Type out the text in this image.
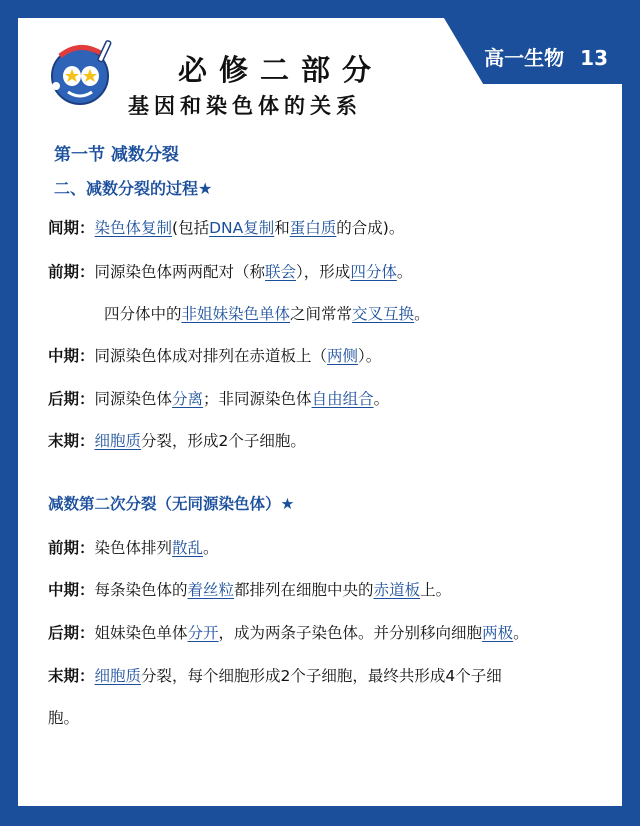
高一生物 13
必修二部分
基因和染色体的关系
第一节 减数分裂
二、减数分裂的过程★
间期：染色体复制(包括DNA复制和蛋白质的合成)。
前期：同源染色体两两配对（称联会），形成四分体。
四分体中的非姐妹染色单体之间常常交叉互换。
中期：同源染色体成对排列在赤道板上（两侧）。
后期：同源染色体分离；非同源染色体自由组合。
末期：细胞质分裂，形成2个子细胞。
减数第二次分裂（无同源染色体）★
前期：染色体排列散乱。
中期：每条染色体的着丝粒都排列在细胞中央的赤道板上。
后期：姐妹染色单体分开，成为两条子染色体。并分别移向细胞两极。
末期：细胞质分裂，每个细胞形成2个子细胞，最终共形成4个子细
胞。
